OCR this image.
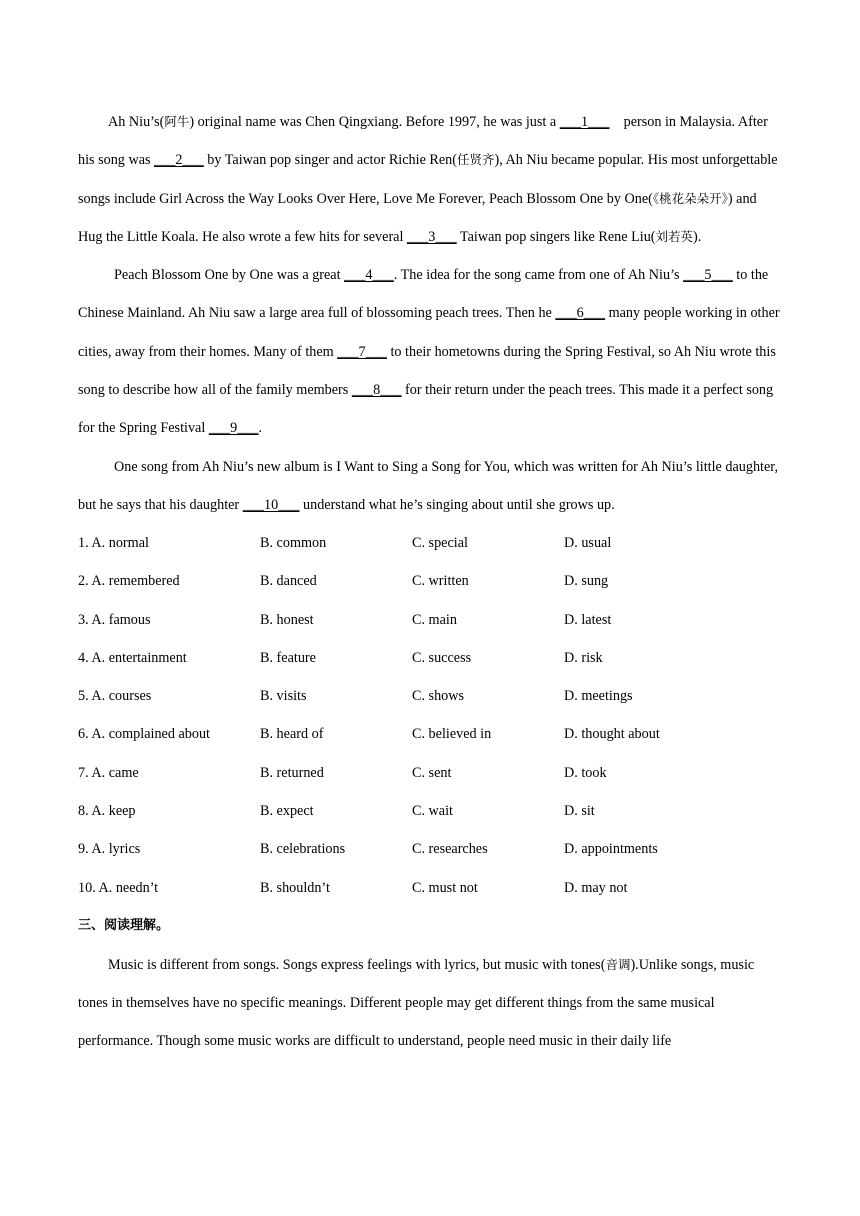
Ah Niu’s(阿牛) original name was Chen Qingxiang. Before 1997, he was just a ___1___    person in Malaysia. After his song was ___2___ by Taiwan pop singer and actor Richie Ren(任贤齐), Ah Niu became popular. His most unforgettable songs include Girl Across the Way Looks Over Here, Love Me Forever, Peach Blossom One by One(《桃花朵朵开》) and Hug the Little Koala. He also wrote a few hits for several ___3___ Taiwan pop singers like Rene Liu(刘若英).

Peach Blossom One by One was a great ___4___. The idea for the song came from one of Ah Niu’s ___5___ to the Chinese Mainland. Ah Niu saw a large area full of blossoming peach trees. Then he ___6___ many people working in other cities, away from their homes. Many of them ___7___ to their hometowns during the Spring Festival, so Ah Niu wrote this song to describe how all of the family members ___8___ for their return under the peach trees. This made it a perfect song for the Spring Festival ___9___.

One song from Ah Niu’s new album is I Want to Sing a Song for You, which was written for Ah Niu’s little daughter, but he says that his daughter ___10___ understand what he’s singing about until she grows up.

1. A. normal	B. common	C. special	D. usual
2. A. remembered	B. danced	C. written	D. sung
3. A. famous	B. honest	C. main	D. latest
4. A. entertainment	B. feature	C. success	D. risk
5. A. courses	B. visits	C. shows	D. meetings
6. A. complained about	B. heard of	C. believed in	D. thought about
7. A. came	B. returned	C. sent	D. took
8. A. keep	B. expect	C. wait	D. sit
9. A. lyrics	B. celebrations	C. researches	D. appointments
10. A. needn’t	B. shouldn’t	C. must not	D. may not
三、阅读理解。

Music is different from songs. Songs express feelings with lyrics, but music with tones(音调).Unlike songs, music tones in themselves have no specific meanings. Different people may get different things from the same musical performance. Though some music works are difficult to understand, people need music in their daily life
